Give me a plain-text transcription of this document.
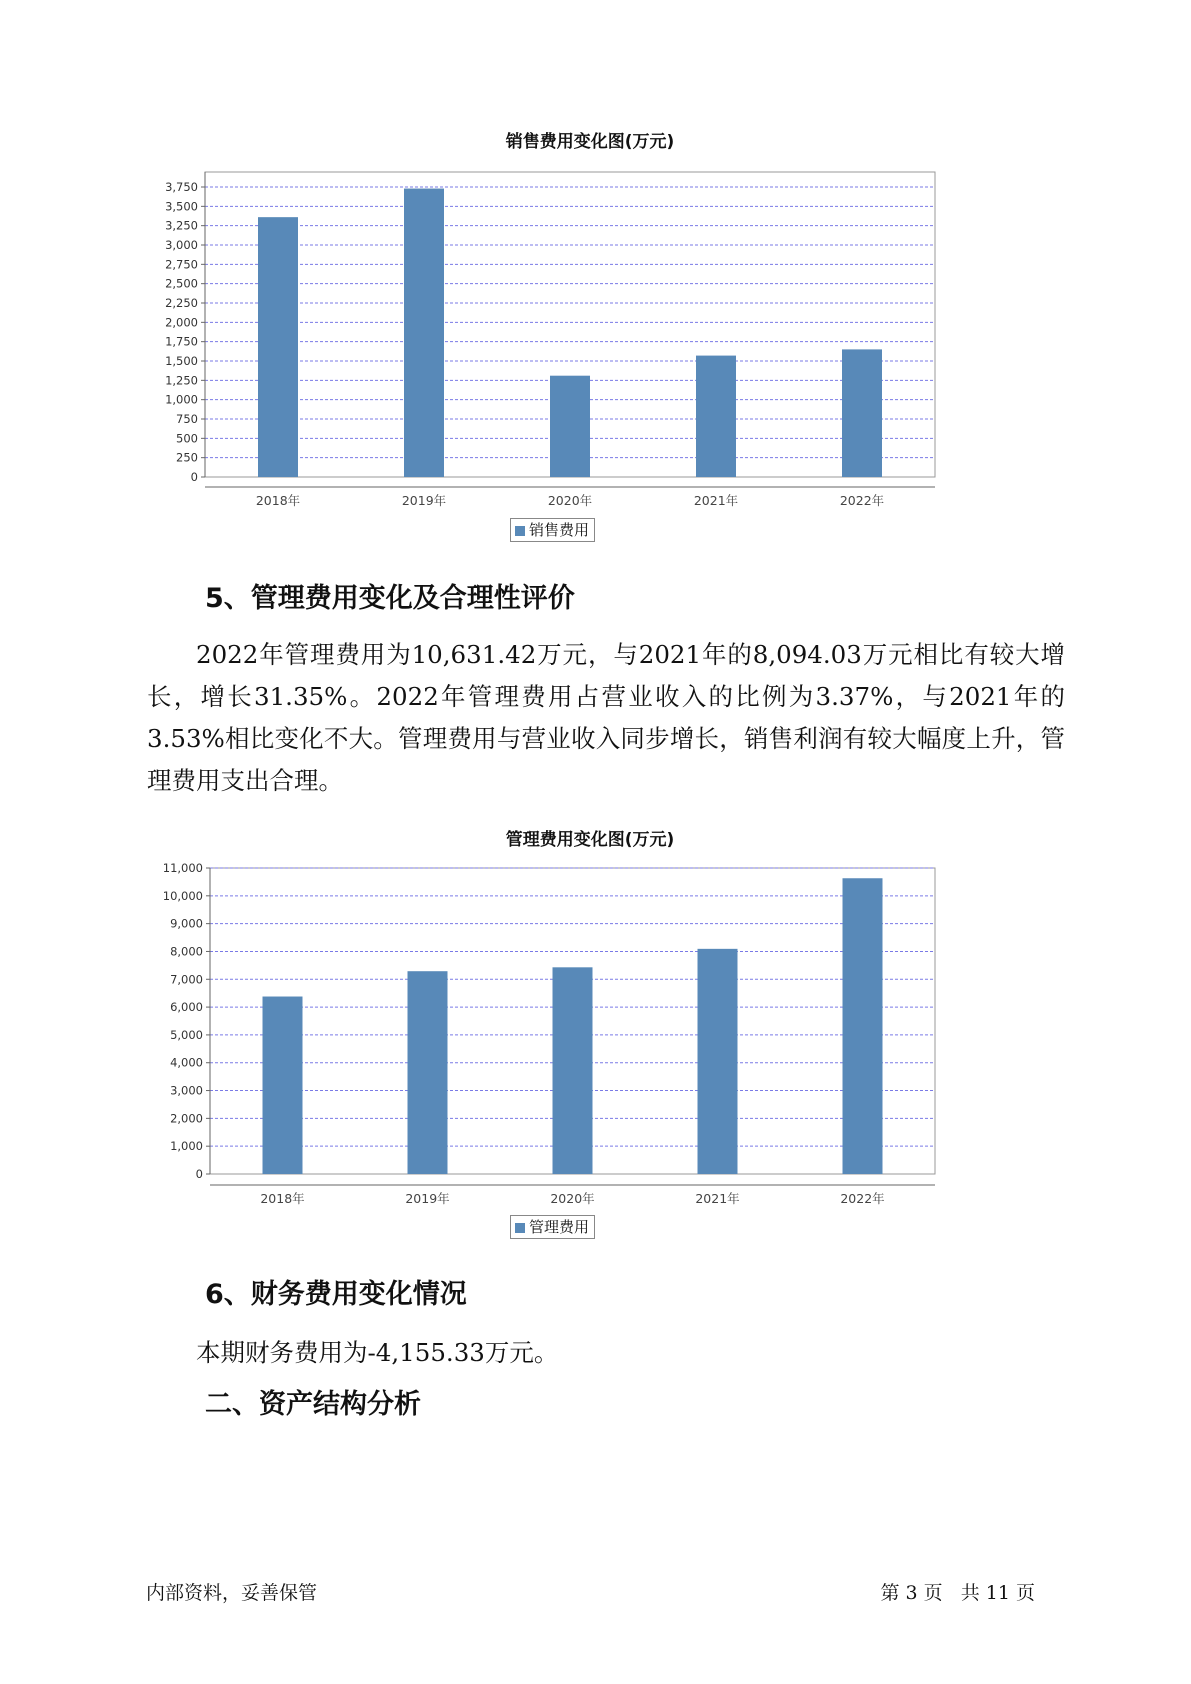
销售费用变化图(万元)
0
250
500
750
1,000
1,250
1,500
1,750
2,000
2,250
2,500
2,750
3,000
3,250
3,500
3,750
2018年	2019年	2020年	2021年	2022年
销售费用
5、管理费用变化及合理性评价

2022年管理费用为10,631.42万元，与2021年的8,094.03万元相比有较大增长，增长31.35%。2022年管理费用占营业收入的比例为3.37%，与2021年的3.53%相比变化不大。管理费用与营业收入同步增长，销售利润有较大幅度上升，管理费用支出合理。

管理费用变化图(万元)
0
1,000
2,000
3,000
4,000
5,000
6,000
7,000
8,000
9,000
10,000
11,000
2018年	2019年	2020年	2021年	2022年
管理费用
6、财务费用变化情况

本期财务费用为-4,155.33万元。

二、资产结构分析
内部资料，妥善保管	第 3 页   共 11 页
